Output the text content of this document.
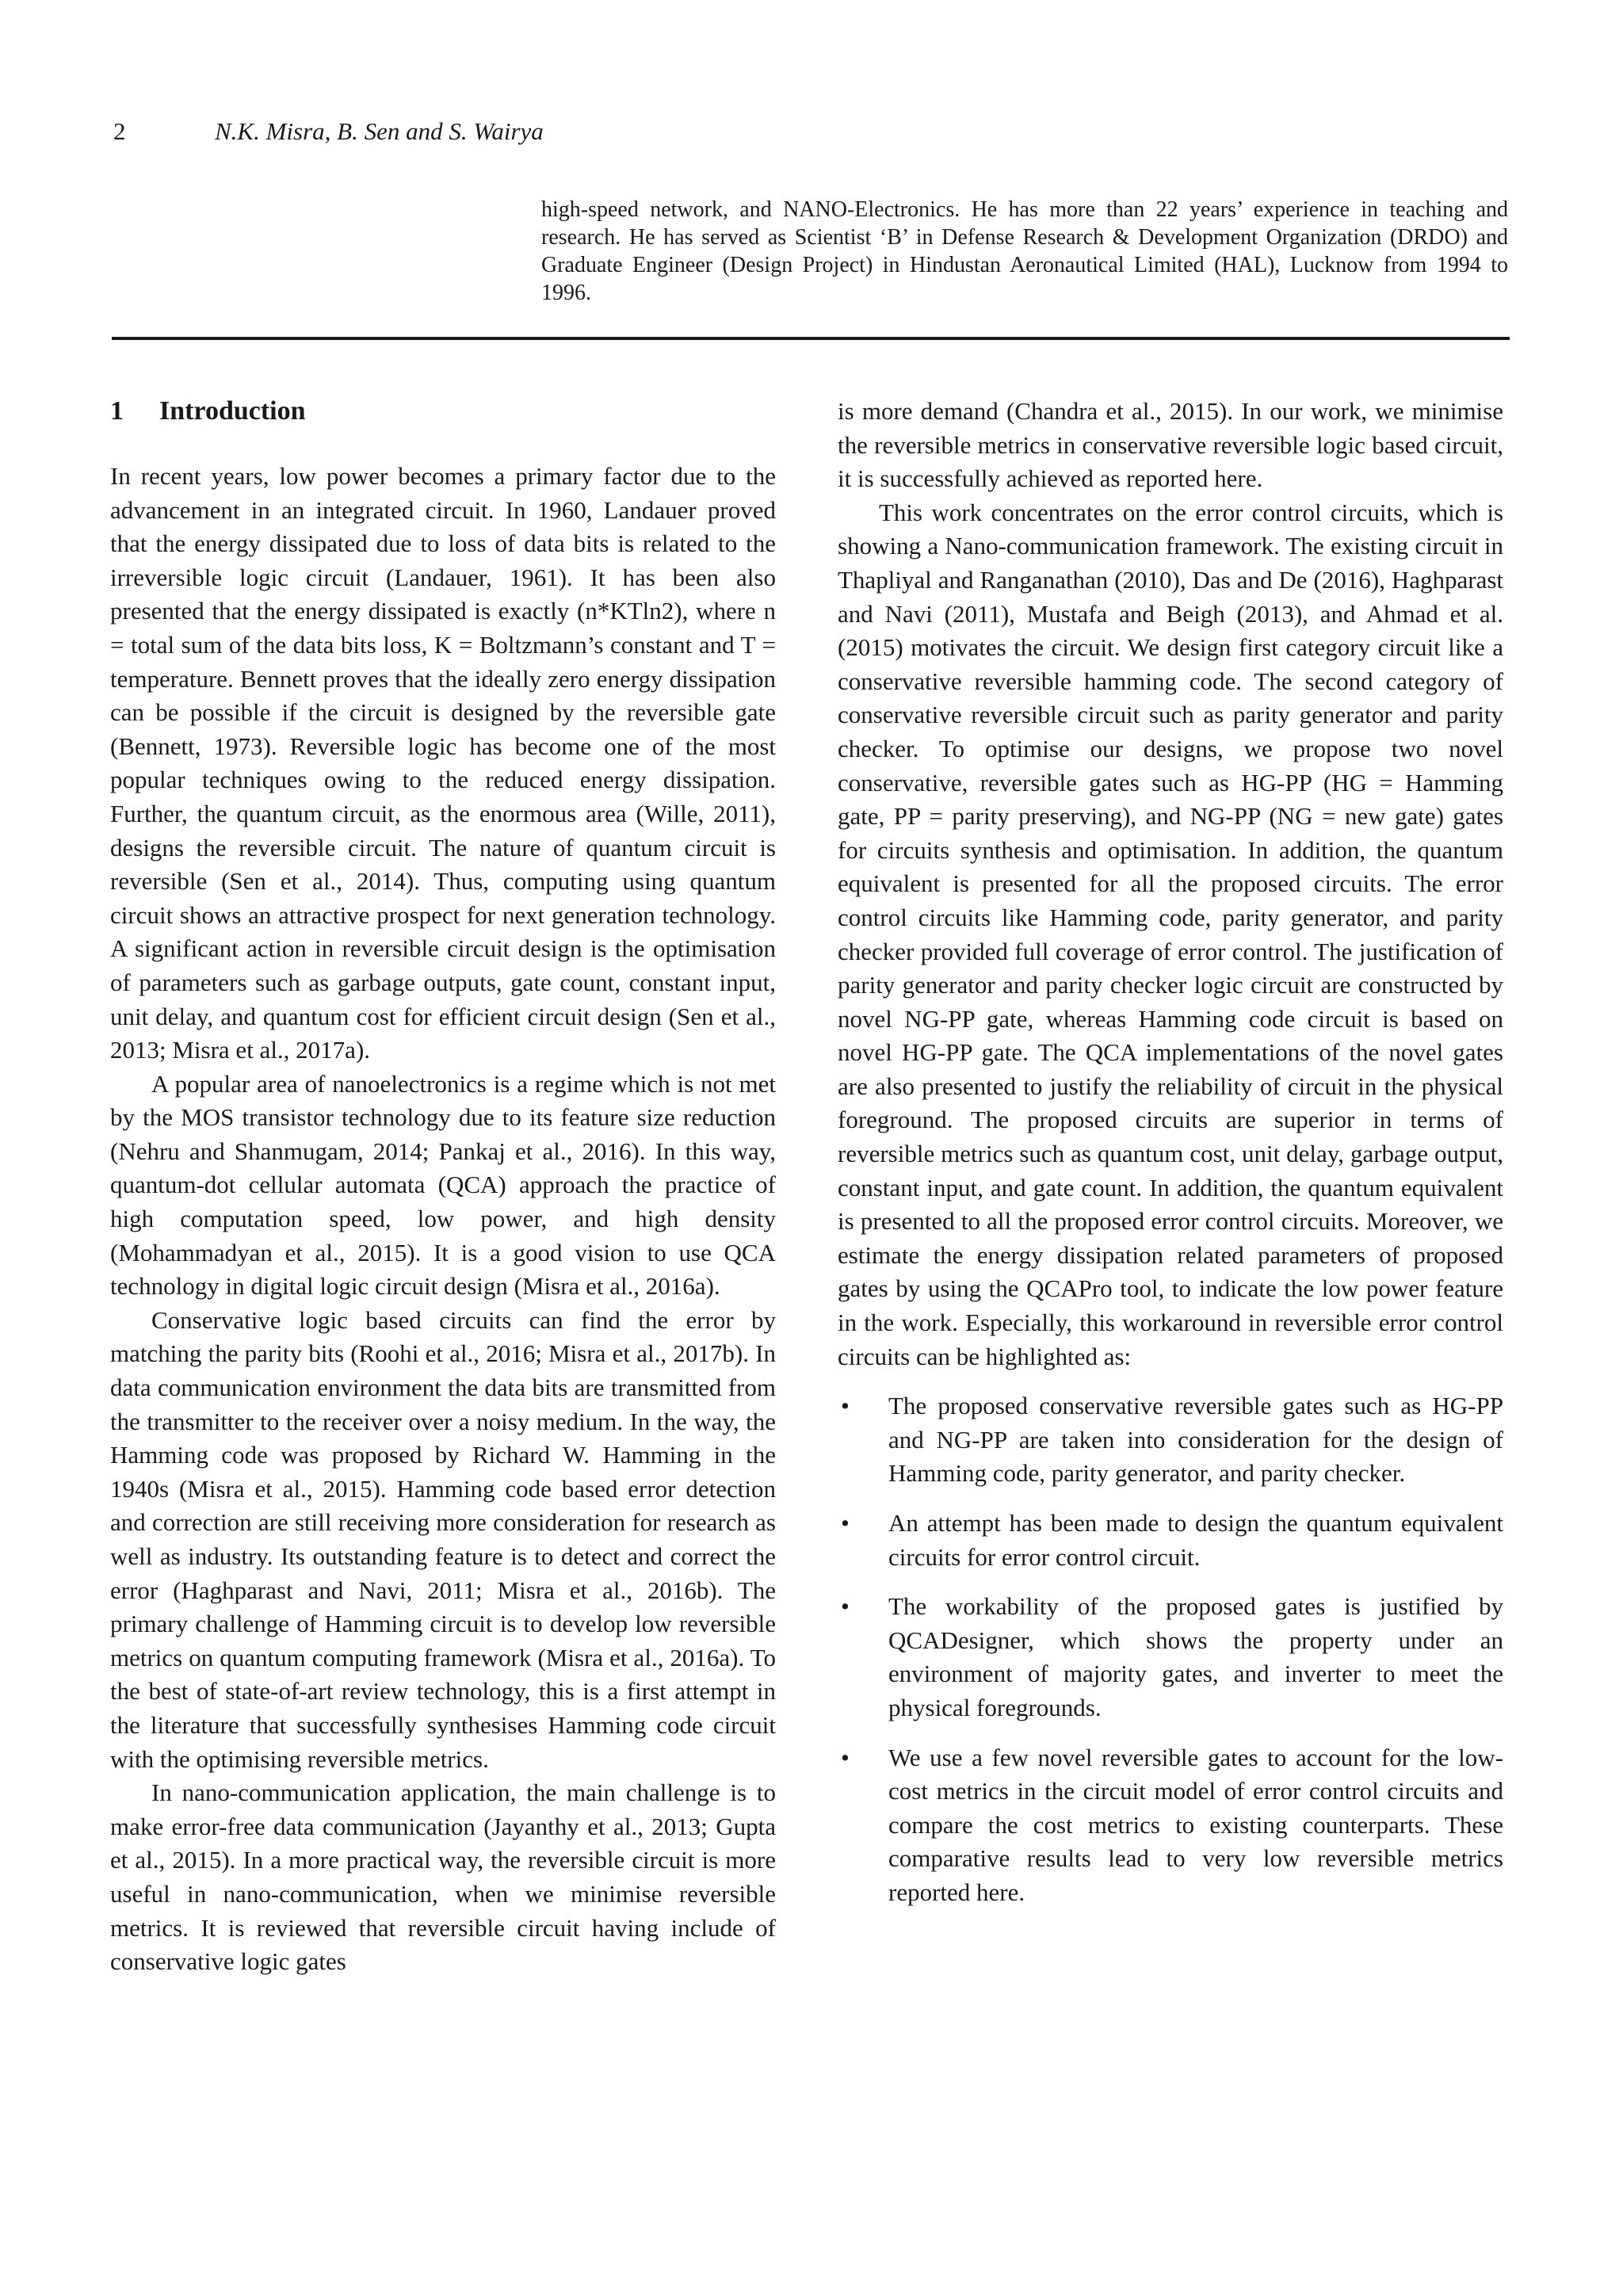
2	N.K. Misra, B. Sen and S. Wairya

high-speed network, and NANO-Electronics. He has more than 22 years’ experience in teaching and research. He has served as Scientist ‘B’ in Defense Research & Development Organization (DRDO) and Graduate Engineer (Design Project) in Hindustan Aeronautical Limited (HAL), Lucknow from 1994 to 1996.

1 Introduction

In recent years, low power becomes a primary factor due to the advancement in an integrated circuit. In 1960, Landauer proved that the energy dissipated due to loss of data bits is related to the irreversible logic circuit (Landauer, 1961). It has been also presented that the energy dissipated is exactly (n*KTln2), where n = total sum of the data bits loss, K = Boltzmann’s constant and T = temperature. Bennett proves that the ideally zero energy dissipation can be possible if the circuit is designed by the reversible gate (Bennett, 1973). Reversible logic has become one of the most popular techniques owing to the reduced energy dissipation. Further, the quantum circuit, as the enormous area (Wille, 2011), designs the reversible circuit. The nature of quantum circuit is reversible (Sen et al., 2014). Thus, computing using quantum circuit shows an attractive prospect for next generation technology. A significant action in reversible circuit design is the optimisation of parameters such as garbage outputs, gate count, constant input, unit delay, and quantum cost for efficient circuit design (Sen et al., 2013; Misra et al., 2017a).

A popular area of nanoelectronics is a regime which is not met by the MOS transistor technology due to its feature size reduction (Nehru and Shanmugam, 2014; Pankaj et al., 2016). In this way, quantum-dot cellular automata (QCA) approach the practice of high computation speed, low power, and high density (Mohammadyan et al., 2015). It is a good vision to use QCA technology in digital logic circuit design (Misra et al., 2016a).

Conservative logic based circuits can find the error by matching the parity bits (Roohi et al., 2016; Misra et al., 2017b). In data communication environment the data bits are transmitted from the transmitter to the receiver over a noisy medium. In the way, the Hamming code was proposed by Richard W. Hamming in the 1940s (Misra et al., 2015). Hamming code based error detection and correction are still receiving more consideration for research as well as industry. Its outstanding feature is to detect and correct the error (Haghparast and Navi, 2011; Misra et al., 2016b). The primary challenge of Hamming circuit is to develop low reversible metrics on quantum computing framework (Misra et al., 2016a). To the best of state-of-art review technology, this is a first attempt in the literature that successfully synthesises Hamming code circuit with the optimising reversible metrics.

In nano-communication application, the main challenge is to make error-free data communication (Jayanthy et al., 2013; Gupta et al., 2015). In a more practical way, the reversible circuit is more useful in nano-communication, when we minimise reversible metrics. It is reviewed that reversible circuit having include of conservative logic gates

is more demand (Chandra et al., 2015). In our work, we minimise the reversible metrics in conservative reversible logic based circuit, it is successfully achieved as reported here.

This work concentrates on the error control circuits, which is showing a Nano-communication framework. The existing circuit in Thapliyal and Ranganathan (2010), Das and De (2016), Haghparast and Navi (2011), Mustafa and Beigh (2013), and Ahmad et al. (2015) motivates the circuit. We design first category circuit like a conservative reversible hamming code. The second category of conservative reversible circuit such as parity generator and parity checker. To optimise our designs, we propose two novel conservative, reversible gates such as HG-PP (HG = Hamming gate, PP = parity preserving), and NG-PP (NG = new gate) gates for circuits synthesis and optimisation. In addition, the quantum equivalent is presented for all the proposed circuits. The error control circuits like Hamming code, parity generator, and parity checker provided full coverage of error control. The justification of parity generator and parity checker logic circuit are constructed by novel NG-PP gate, whereas Hamming code circuit is based on novel HG-PP gate. The QCA implementations of the novel gates are also presented to justify the reliability of circuit in the physical foreground. The proposed circuits are superior in terms of reversible metrics such as quantum cost, unit delay, garbage output, constant input, and gate count. In addition, the quantum equivalent is presented to all the proposed error control circuits. Moreover, we estimate the energy dissipation related parameters of proposed gates by using the QCAPro tool, to indicate the low power feature in the work. Especially, this workaround in reversible error control circuits can be highlighted as:

• The proposed conservative reversible gates such as HG-PP and NG-PP are taken into consideration for the design of Hamming code, parity generator, and parity checker.
• An attempt has been made to design the quantum equivalent circuits for error control circuit.
• The workability of the proposed gates is justified by QCADesigner, which shows the property under an environment of majority gates, and inverter to meet the physical foregrounds.
• We use a few novel reversible gates to account for the low-cost metrics in the circuit model of error control circuits and compare the cost metrics to existing counterparts. These comparative results lead to very low reversible metrics reported here.
